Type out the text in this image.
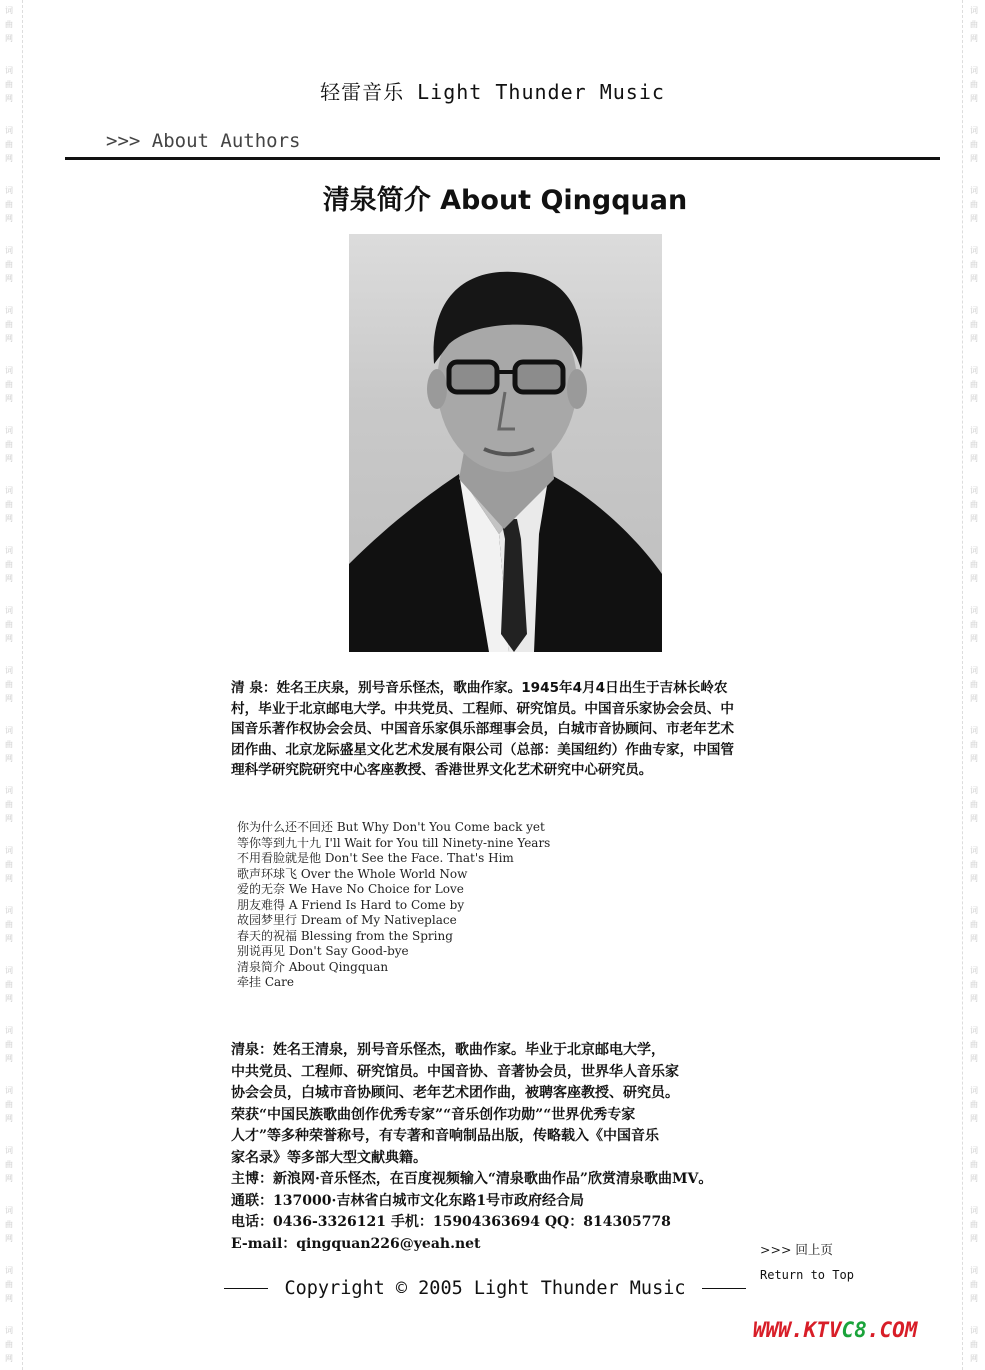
词
曲
网
词
曲
网
词
曲
网
词
曲
网
词
曲
网
词
曲
网
词
曲
网
词
曲
网
词
曲
网
词
曲
网
词
曲
网
词
曲
网
词
曲
网
词
曲
网
词
曲
网
词
曲
网
词
曲
网
词
曲
网
词
曲
网
词
曲
网
词
曲
网
词
曲
网
词
曲
网
词
曲
网
词
曲
网
词
曲
网
词
曲
网
词
曲
网
词
曲
网
词
曲
网
词
曲
网
词
曲
网
词
曲
网
词
曲
网
词
曲
网
词
曲
网
词
曲
网
词
曲
网
词
曲
网
词
曲
网
词
曲
网
词
曲
网
词
曲
网
词
曲
网
词
曲
网
词
曲
网
轻雷音乐 Light Thunder Music
>>> About Authors
清泉简介 About Qingquan
清 泉：姓名王庆泉，别号音乐怪杰，歌曲作家。1945年4月4日出生于吉林长岭农村，毕业于北京邮电大学。中共党员、工程师、研究馆员。中国音乐家协会会员、中国音乐著作权协会会员、中国音乐家俱乐部理事会员，白城市音协顾问、市老年艺术团作曲、北京龙际盛星文化艺术发展有限公司（总部：美国纽约）作曲专家，中国管理科学研究院研究中心客座教授、香港世界文化艺术研究中心研究员。
你为什么还不回还 But Why Don't You Come back yet
等你等到九十九 I'll Wait for You till Ninety-nine Years
不用看脸就是他 Don't See the Face. That's Him
歌声环球飞 Over the Whole World Now
爱的无奈 We Have No Choice for Love
朋友难得 A Friend Is Hard to Come by
故园梦里行 Dream of My Nativeplace
春天的祝福 Blessing from the Spring
别说再见 Don't Say Good-bye
清泉简介 About Qingquan
牵挂 Care
清泉：姓名王清泉，别号音乐怪杰，歌曲作家。毕业于北京邮电大学，
中共党员、工程师、研究馆员。中国音协、音著协会员，世界华人音乐家
协会会员，白城市音协顾问、老年艺术团作曲，被聘客座教授、研究员。
荣获“中国民族歌曲创作优秀专家”“音乐创作功勋”“世界优秀专家
人才”等多种荣誉称号，有专著和音响制品出版，传略载入《中国音乐
家名录》等多部大型文献典籍。
主博：新浪网·音乐怪杰，在百度视频输入“清泉歌曲作品”欣赏清泉歌曲MV。
通联：137000·吉林省白城市文化东路1号市政府经合局
电话：0436-3326121 手机：15904363694 QQ：814305778
E-mail：qingquan226@yeah.net	>>> 回上页
Return to Top
Copyright © 2005 Light Thunder Music
WWW.KTVC8.COM
